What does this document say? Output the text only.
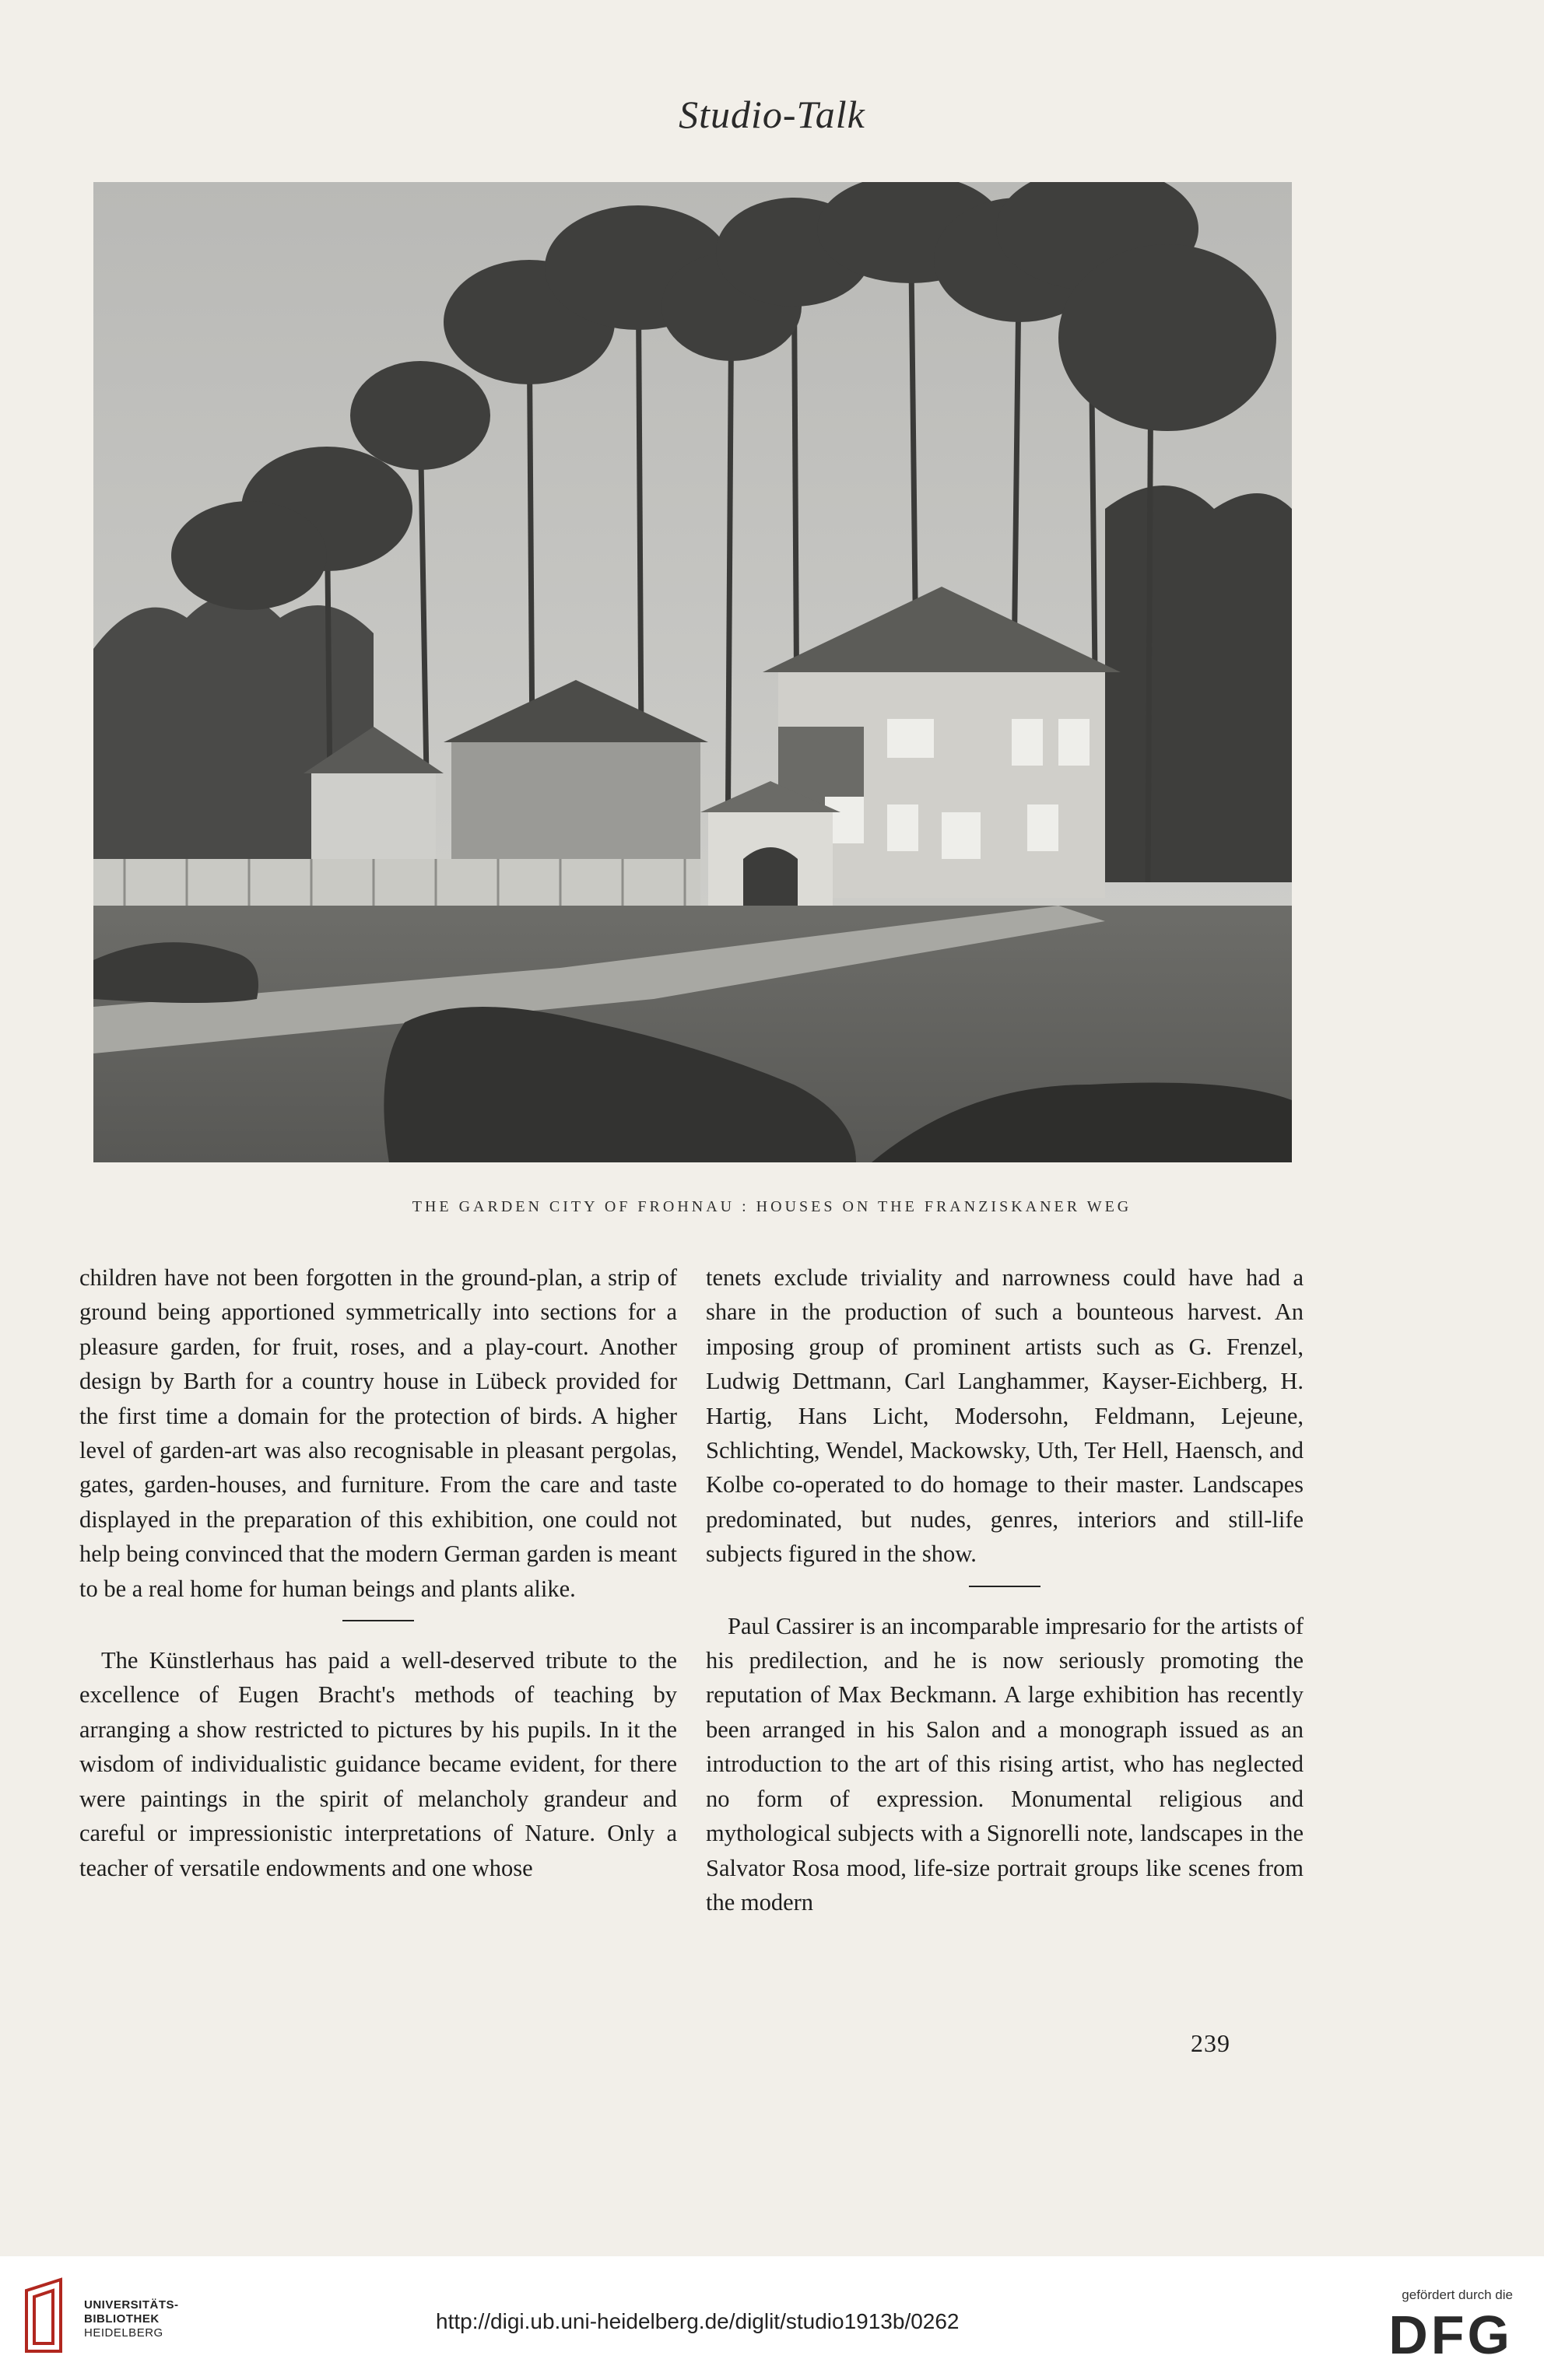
Studio-Talk
THE GARDEN CITY OF FROHNAU : HOUSES ON THE FRANZISKANER WEG

children have not been forgotten in the ground-plan, a strip of ground being apportioned symmetrically into sections for a pleasure garden, for fruit, roses, and a play-court. Another design by Barth for a country house in Lübeck provided for the first time a domain for the protection of birds. A higher level of garden-art was also recognisable in pleasant pergolas, gates, garden-houses, and furniture. From the care and taste displayed in the preparation of this exhibition, one could not help being convinced that the modern German garden is meant to be a real home for human beings and plants alike.

The Künstlerhaus has paid a well-deserved tribute to the excellence of Eugen Bracht's methods of teaching by arranging a show restricted to pictures by his pupils. In it the wisdom of individualistic guidance became evident, for there were paintings in the spirit of melancholy grandeur and careful or impressionistic interpretations of Nature. Only a teacher of versatile endowments and one whose

tenets exclude triviality and narrowness could have had a share in the production of such a bounteous harvest. An imposing group of prominent artists such as G. Frenzel, Ludwig Dettmann, Carl Langhammer, Kayser-Eichberg, H. Hartig, Hans Licht, Modersohn, Feldmann, Lejeune, Schlichting, Wendel, Mackowsky, Uth, Ter Hell, Haensch, and Kolbe co-operated to do homage to their master. Landscapes predominated, but nudes, genres, interiors and still-life subjects figured in the show.

Paul Cassirer is an incomparable impresario for the artists of his predilection, and he is now seriously promoting the reputation of Max Beckmann. A large exhibition has recently been arranged in his Salon and a monograph issued as an introduction to the art of this rising artist, who has neglected no form of expression. Monumental religious and mythological subjects with a Signorelli note, landscapes in the Salvator Rosa mood, life-size portrait groups like scenes from the modern

239
UNIVERSITÄTS-
BIBLIOTHEK
HEIDELBERG	http://digi.ub.uni-heidelberg.de/diglit/studio1913b/0262
gefördert durch die
DFG
